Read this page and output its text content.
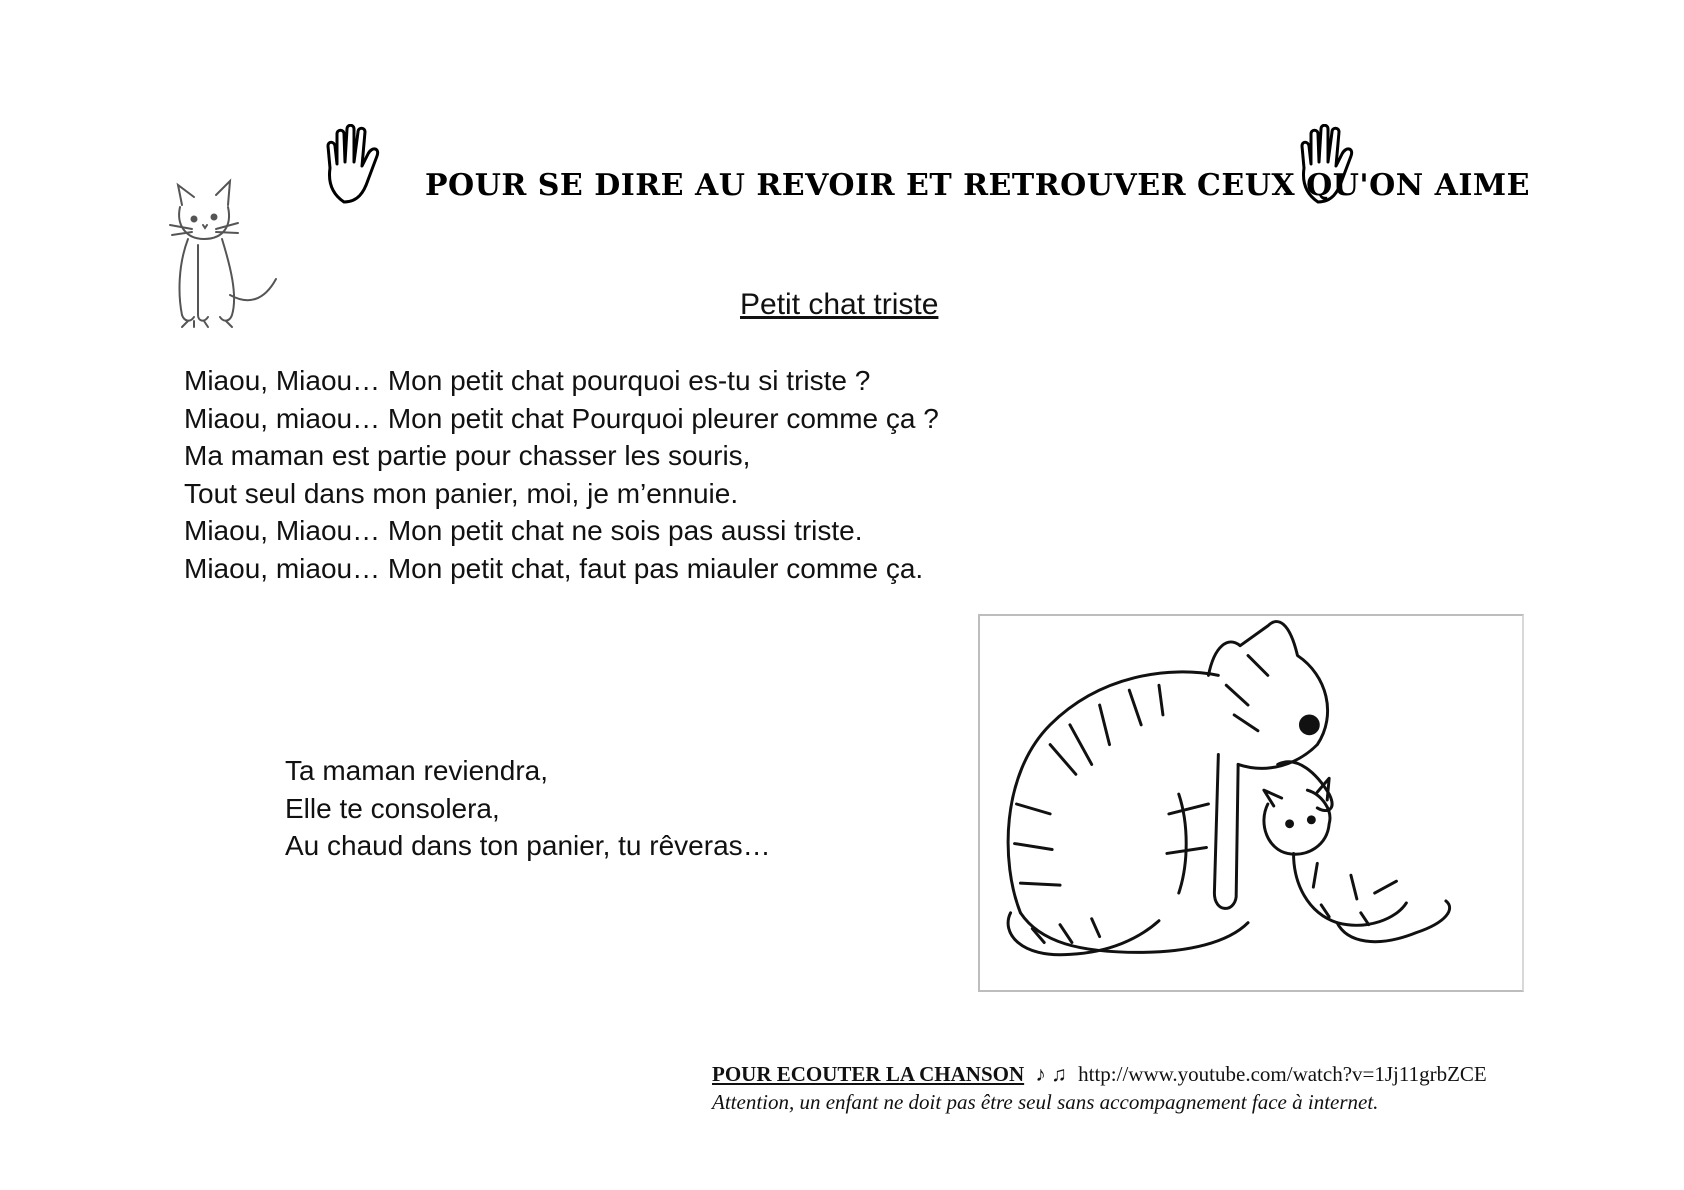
POUR SE DIRE AU REVOIR ET RETROUVER CEUX QU'ON AIME
Petit chat triste
Miaou, Miaou… Mon petit chat pourquoi es-tu si triste ?
Miaou, miaou… Mon petit chat Pourquoi pleurer comme ça ?
Ma maman est partie pour chasser les souris,
Tout seul dans mon panier, moi, je m’ennuie.
Miaou, Miaou… Mon petit chat ne sois pas aussi triste.
Miaou, miaou… Mon petit chat, faut pas miauler comme ça.
Ta maman reviendra,
Elle te consolera,
Au chaud dans ton panier, tu rêveras…
POUR ECOUTER LA CHANSON ♪ ♫ http://www.youtube.com/watch?v=1Jj11grbZCE
Attention, un enfant ne doit pas être seul sans accompagnement face à internet.
